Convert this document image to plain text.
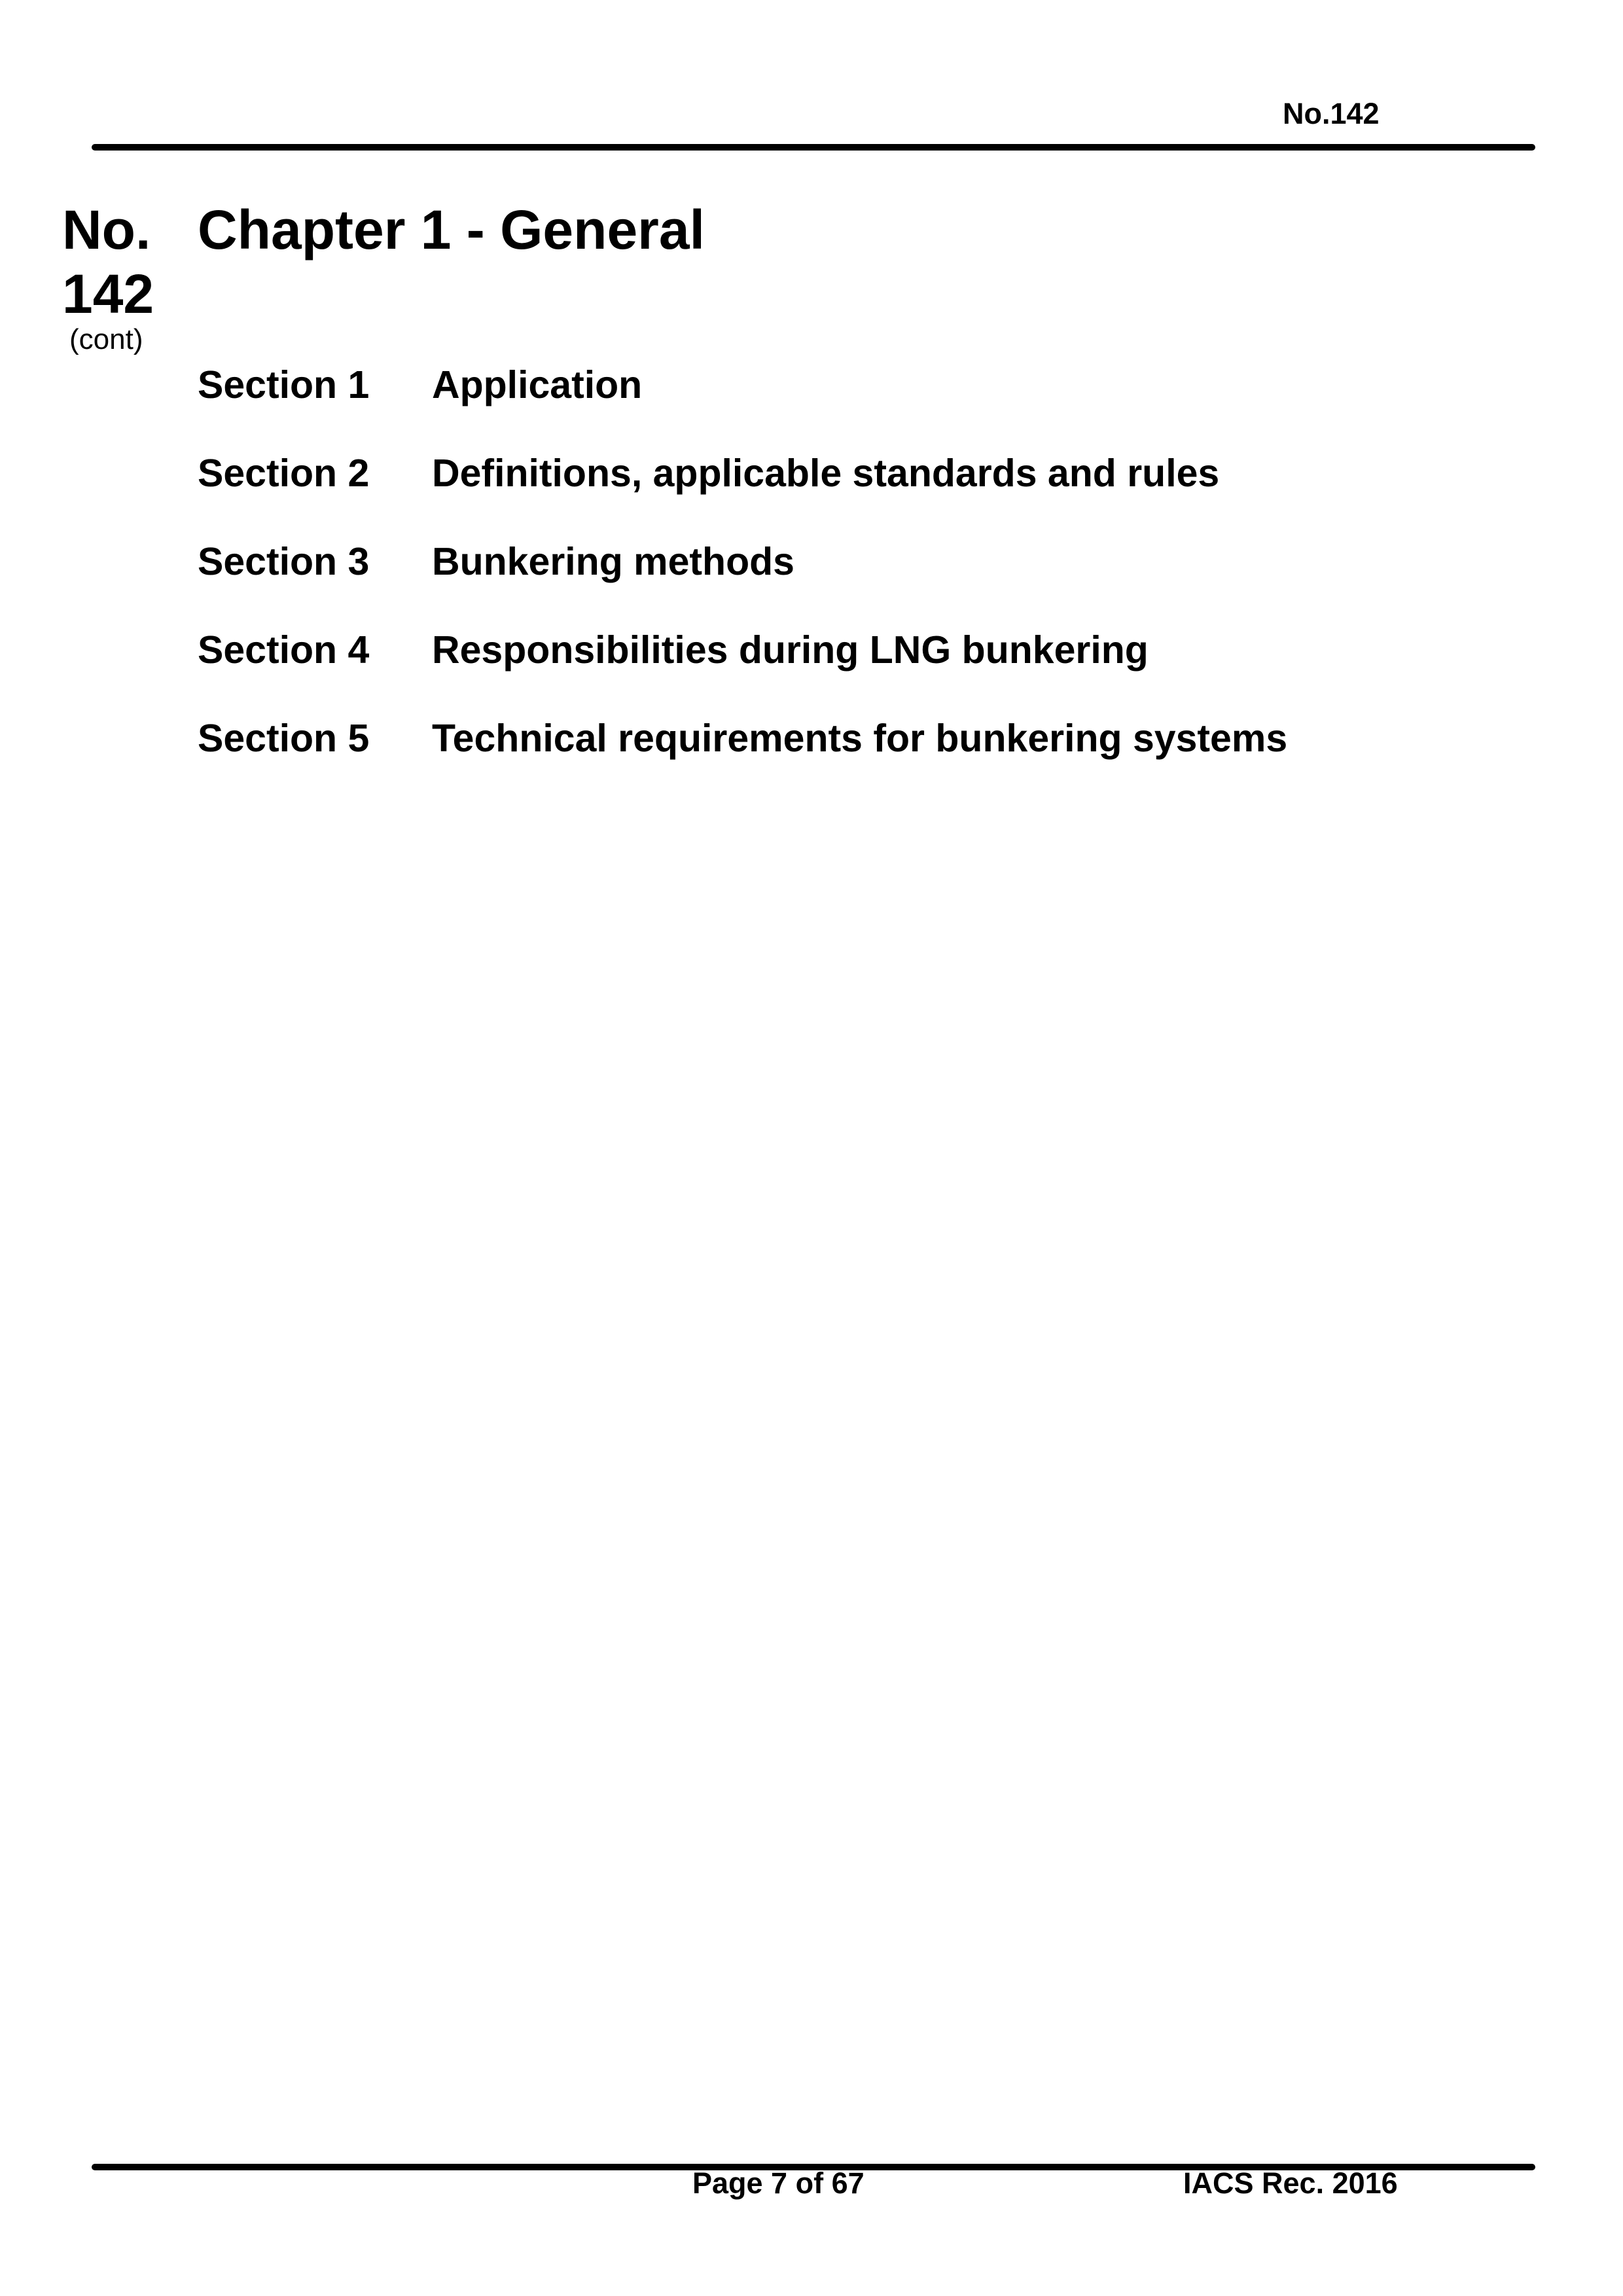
No.142
No.
142
(cont)
Chapter 1 - General
Section 1	Application
Section 2	Definitions, applicable standards and rules
Section 3	Bunkering methods
Section 4	Responsibilities during LNG bunkering
Section 5	Technical requirements for bunkering systems
Page 7 of 67	IACS Rec. 2016
